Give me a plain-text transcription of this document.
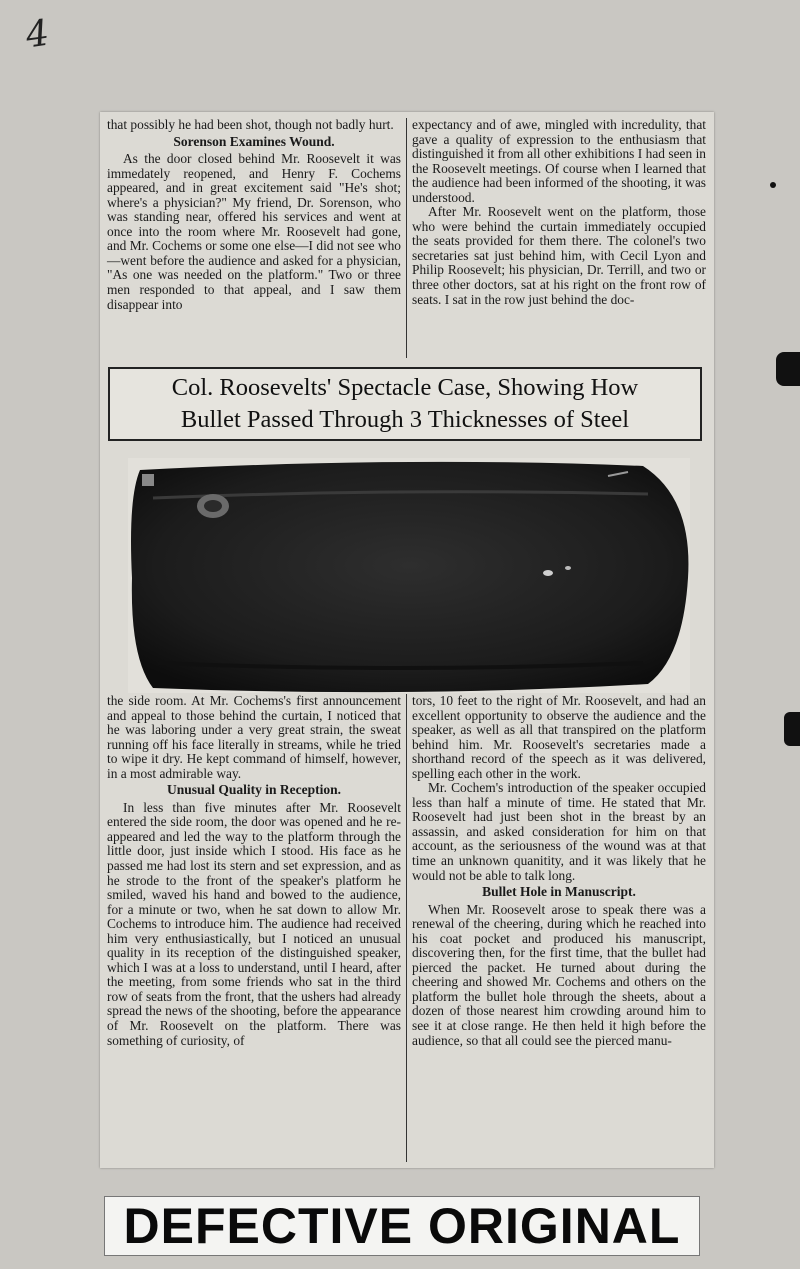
4

that possibly he had been shot, though not badly hurt.

Sorenson Examines Wound.

As the door closed behind Mr. Roosevelt it was immedately reopened, and Henry F. Cochems appeared, and in great excitement said "He's shot; where's a physician?" My friend, Dr. Sorenson, who was standing near, offered his services and went at once into the room where Mr. Roosevelt had gone, and Mr. Cochems or some one else—I did not see who—went before the audience and asked for a physician, "As one was needed on the platform." Two or three men responded to that appeal, and I saw them disappear into

expectancy and of awe, mingled with incredulity, that gave a quality of expression to the enthusiasm that distinguished it from all other exhibitions I had seen in the Roosevelt meetings. Of course when I learned that the audience had been informed of the shooting, it was understood.

After Mr. Roosevelt went on the platform, those who were behind the curtain immediately occupied the seats provided for them there. The colonel's two secretaries sat just behind him, with Cecil Lyon and Philip Roosevelt; his physician, Dr. Terrill, and two or three other doctors, sat at his right on the front row of seats. I sat in the row just behind the doc-

Col. Roosevelts' Spectacle Case, Showing How
Bullet Passed Through 3 Thicknesses of Steel

the side room. At Mr. Cochems's first announcement and appeal to those behind the curtain, I noticed that he was laboring under a very great strain, the sweat running off his face literally in streams, while he tried to wipe it dry. He kept command of himself, however, in a most admirable way.

Unusual Quality in Reception.

In less than five minutes after Mr. Roosevelt entered the side room, the door was opened and he re-appeared and led the way to the platform through the little door, just inside which I stood. His face as he passed me had lost its stern and set expression, and as he strode to the front of the speaker's platform he smiled, waved his hand and bowed to the audience, for a minute or two, when he sat down to allow Mr. Cochems to introduce him. The audience had received him very enthusiastically, but I noticed an unusual quality in its reception of the distinguished speaker, which I was at a loss to understand, until I heard, after the meeting, from some friends who sat in the third row of seats from the front, that the ushers had already spread the news of the shooting, before the appearance of Mr. Roosevelt on the platform. There was something of curiosity, of

tors, 10 feet to the right of Mr. Roosevelt, and had an excellent opportunity to observe the audience and the speaker, as well as all that transpired on the platform behind him. Mr. Roosevelt's secretaries made a shorthand record of the speech as it was delivered, spelling each other in the work.

Mr. Cochem's introduction of the speaker occupied less than half a minute of time. He stated that Mr. Roosevelt had just been shot in the breast by an assassin, and asked consideration for him on that account, as the seriousness of the wound was at that time an unknown quanitity, and it was likely that he would not be able to talk long.

Bullet Hole in Manuscript.

When Mr. Roosevelt arose to speak there was a renewal of the cheering, during which he reached into his coat pocket and produced his manuscript, discovering then, for the first time, that the bullet had pierced the packet. He turned about during the cheering and showed Mr. Cochems and others on the platform the bullet hole through the sheets, about a dozen of those nearest him crowding around him to see it at close range. He then held it high before the audience, so that all could see the pierced manu-

DEFECTIVE ORIGINAL
